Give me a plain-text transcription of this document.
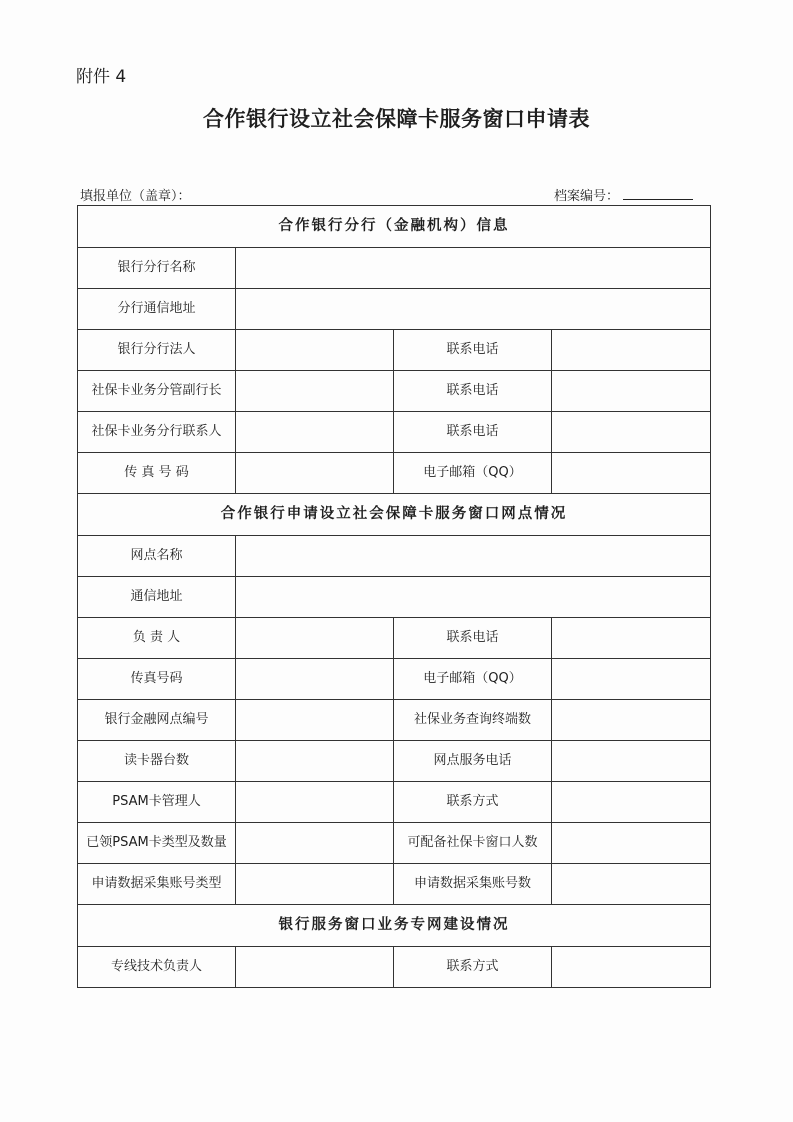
附件 4
合作银行设立社会保障卡服务窗口申请表
填报单位（盖章）：	档案编号：
合作银行分行（金融机构）信息			
银行分行名称			
分行通信地址			
银行分行法人		联系电话	
社保卡业务分管副行长		联系电话	
社保卡业务分行联系人		联系电话	
传 真 号 码		电子邮箱（QQ）	
合作银行申请设立社会保障卡服务窗口网点情况			
网点名称			
通信地址			
负 责 人		联系电话	
传真号码		电子邮箱（QQ）	
银行金融网点编号		社保业务查询终端数	
读卡器台数		网点服务电话	
PSAM卡管理人		联系方式	
已领PSAM卡类型及数量		可配备社保卡窗口人数	
申请数据采集账号类型		申请数据采集账号数	
银行服务窗口业务专网建设情况			
专线技术负责人		联系方式	
